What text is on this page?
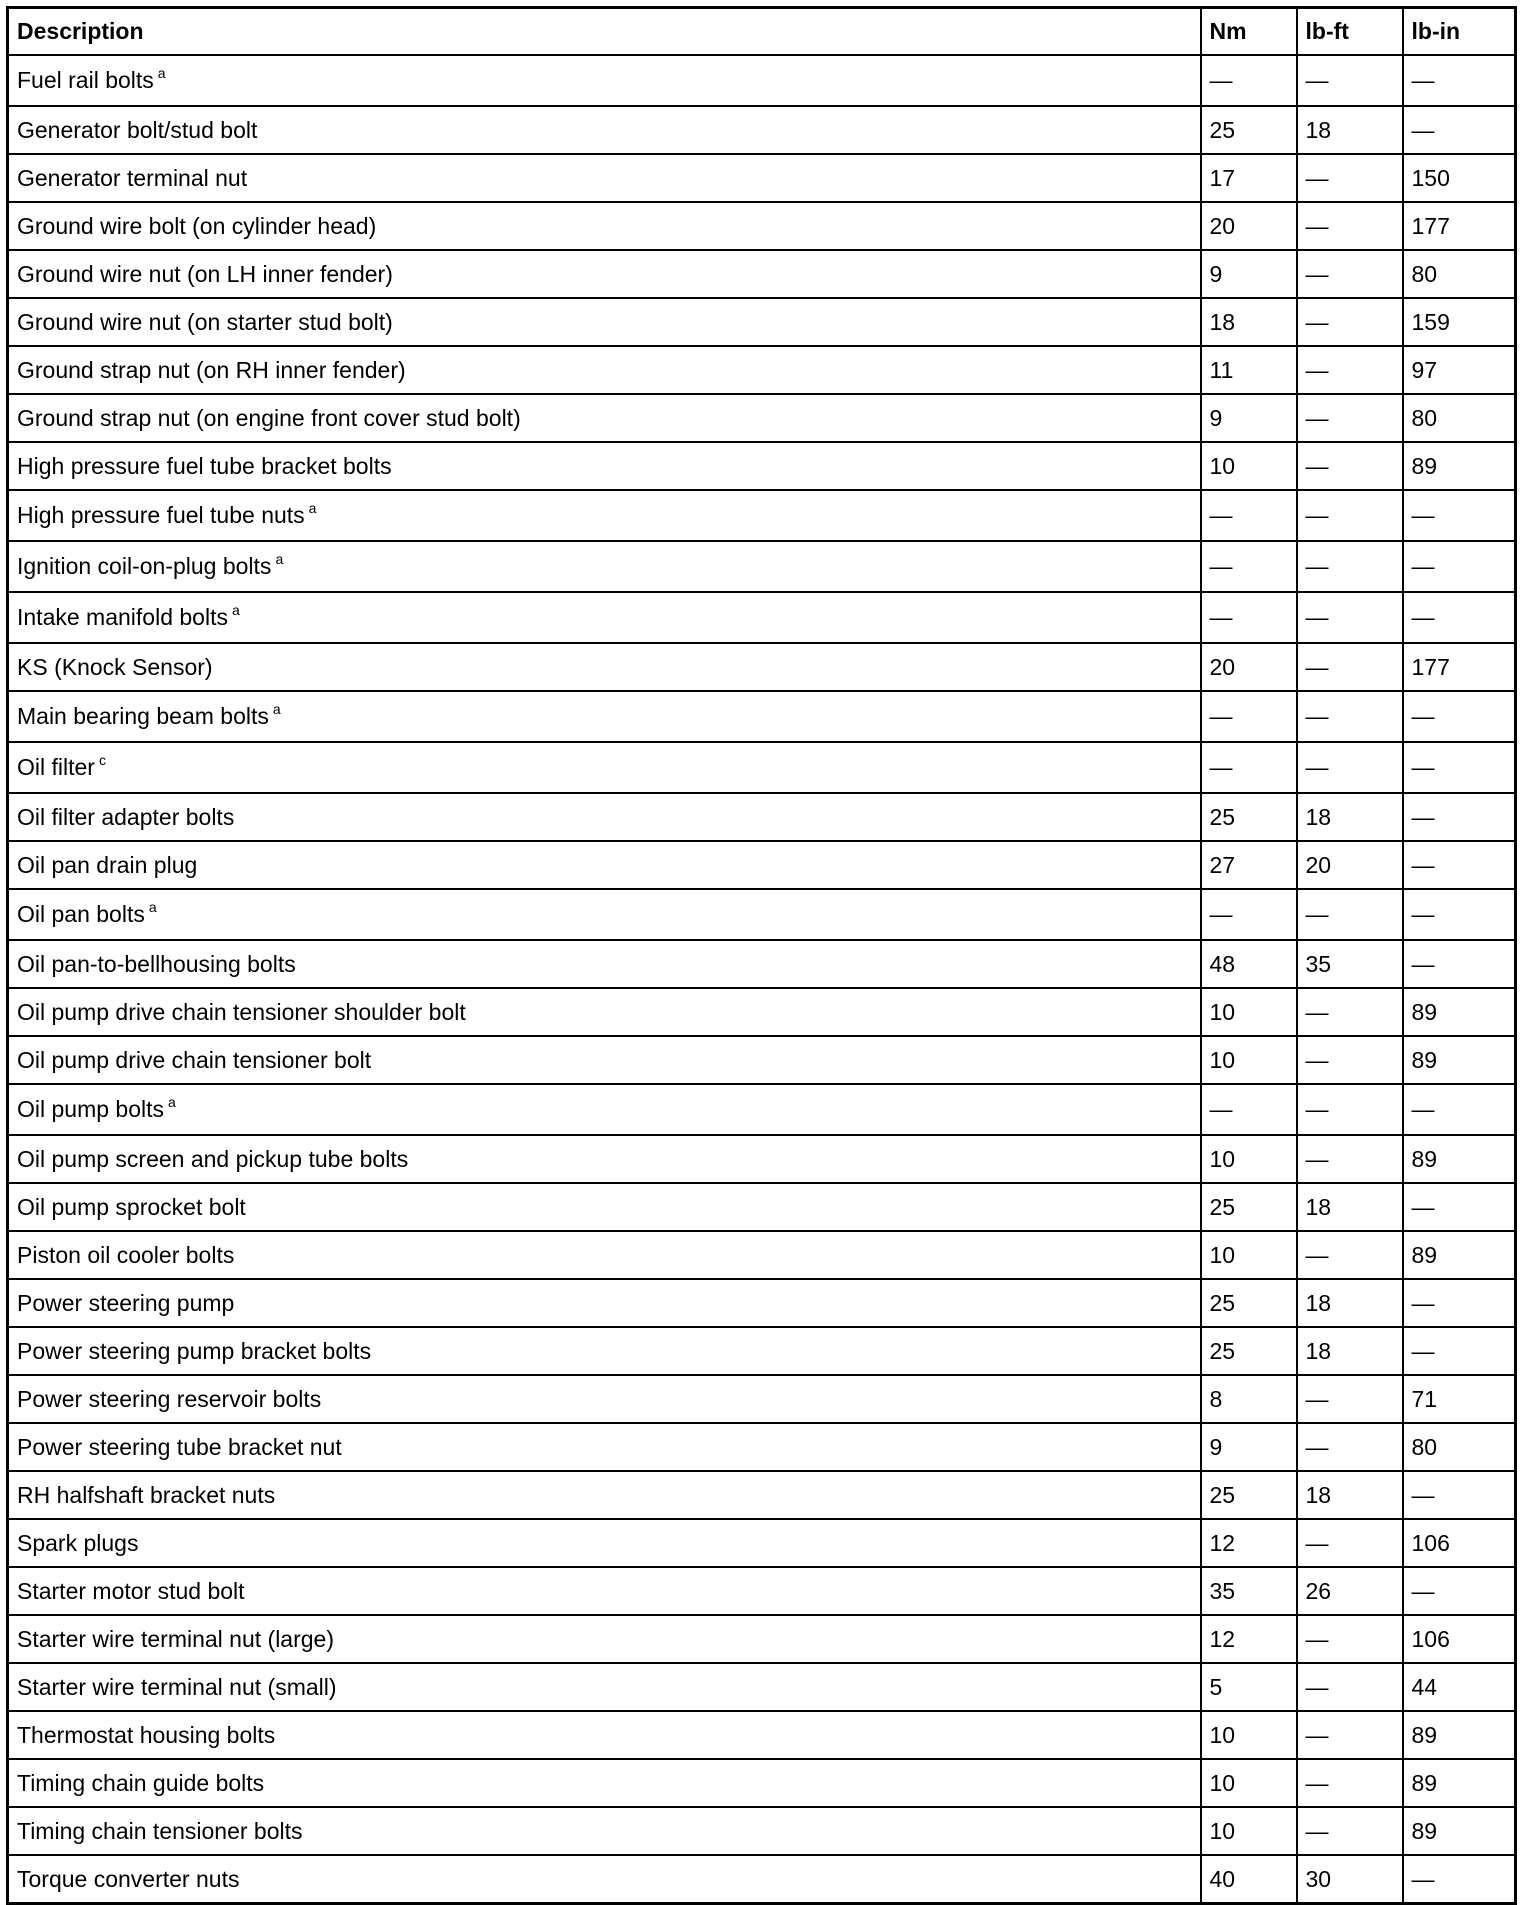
Description	Nm	lb-ft	lb-in
Fuel rail bolts $^a$	—	—	—
Generator bolt/stud bolt	25	18	—
Generator terminal nut	17	—	150
Ground wire bolt (on cylinder head)	20	—	177
Ground wire nut (on LH inner fender)	9	—	80
Ground wire nut (on starter stud bolt)	18	—	159
Ground strap nut (on RH inner fender)	11	—	97
Ground strap nut (on engine front cover stud bolt)	9	—	80
High pressure fuel tube bracket bolts	10	—	89
High pressure fuel tube nuts $^a$	—	—	—
Ignition coil-on-plug bolts $^a$	—	—	—
Intake manifold bolts $^a$	—	—	—
KS (Knock Sensor)	20	—	177
Main bearing beam bolts $^a$	—	—	—
Oil filter $^c$	—	—	—
Oil filter adapter bolts	25	18	—
Oil pan drain plug	27	20	—
Oil pan bolts $^a$	—	—	—
Oil pan-to-bellhousing bolts	48	35	—
Oil pump drive chain tensioner shoulder bolt	10	—	89
Oil pump drive chain tensioner bolt	10	—	89
Oil pump bolts $^a$	—	—	—
Oil pump screen and pickup tube bolts	10	—	89
Oil pump sprocket bolt	25	18	—
Piston oil cooler bolts	10	—	89
Power steering pump	25	18	—
Power steering pump bracket bolts	25	18	—
Power steering reservoir bolts	8	—	71
Power steering tube bracket nut	9	—	80
RH halfshaft bracket nuts	25	18	—
Spark plugs	12	—	106
Starter motor stud bolt	35	26	—
Starter wire terminal nut (large)	12	—	106
Starter wire terminal nut (small)	5	—	44
Thermostat housing bolts	10	—	89
Timing chain guide bolts	10	—	89
Timing chain tensioner bolts	10	—	89
Torque converter nuts	40	30	—
